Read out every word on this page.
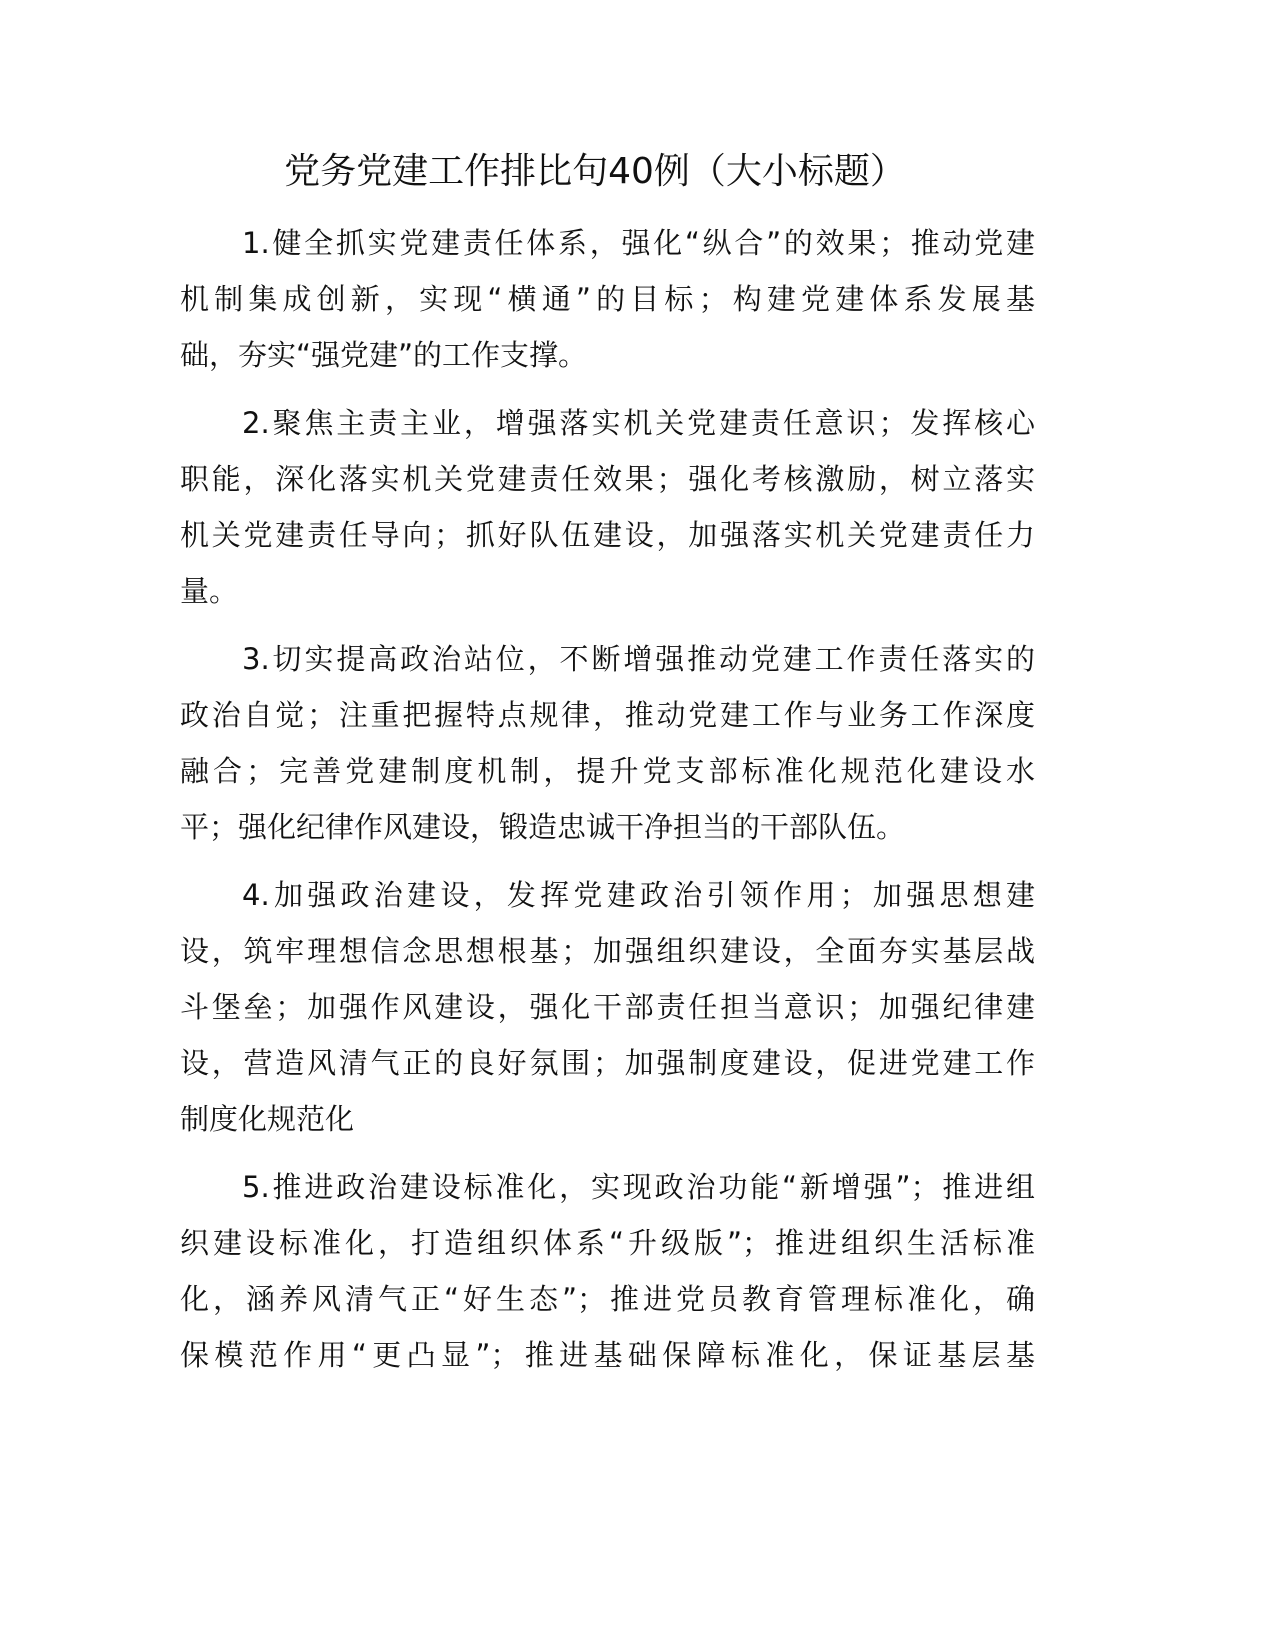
党务党建工作排比句40例（大小标题）

1.健全抓实党建责任体系，强化“纵合”的效果；推动党建
机制集成创新，实现“横通”的目标；构建党建体系发展基
础，夯实“强党建”的工作支撑。

2.聚焦主责主业，增强落实机关党建责任意识；发挥核心
职能，深化落实机关党建责任效果；强化考核激励，树立落实
机关党建责任导向；抓好队伍建设，加强落实机关党建责任力
量。

3.切实提高政治站位，不断增强推动党建工作责任落实的
政治自觉；注重把握特点规律，推动党建工作与业务工作深度
融合；完善党建制度机制，提升党支部标准化规范化建设水
平；强化纪律作风建设，锻造忠诚干净担当的干部队伍。

4.加强政治建设，发挥党建政治引领作用；加强思想建
设，筑牢理想信念思想根基；加强组织建设，全面夯实基层战
斗堡垒；加强作风建设，强化干部责任担当意识；加强纪律建
设，营造风清气正的良好氛围；加强制度建设，促进党建工作
制度化规范化

5.推进政治建设标准化，实现政治功能“新增强”；推进组
织建设标准化，打造组织体系“升级版”；推进组织生活标准
化，涵养风清气正“好生态”；推进党员教育管理标准化，确
保模范作用“更凸显”；推进基础保障标准化，保证基层基
